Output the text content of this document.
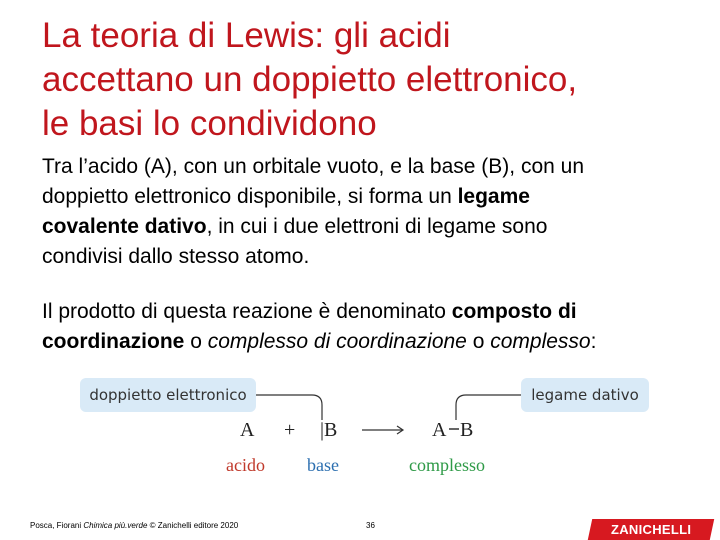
La teoria di Lewis: gli acidi
accettano un doppietto elettronico,
le basi lo condividono
Tra l’acido (A), con un orbitale vuoto, e la base (B), con un
doppietto elettronico disponibile, si forma un legame
covalente dativo, in cui i due elettroni di legame sono
condivisi dallo stesso atomo.
Il prodotto di questa reazione è denominato composto di
coordinazione o complesso di coordinazione o complesso:
doppietto elettronico	legame dativo
A + |B	A B
acido base	complesso
Posca, Fiorani Chimica più.verde © Zanichelli editore 2020	36	ZANICHELLI
